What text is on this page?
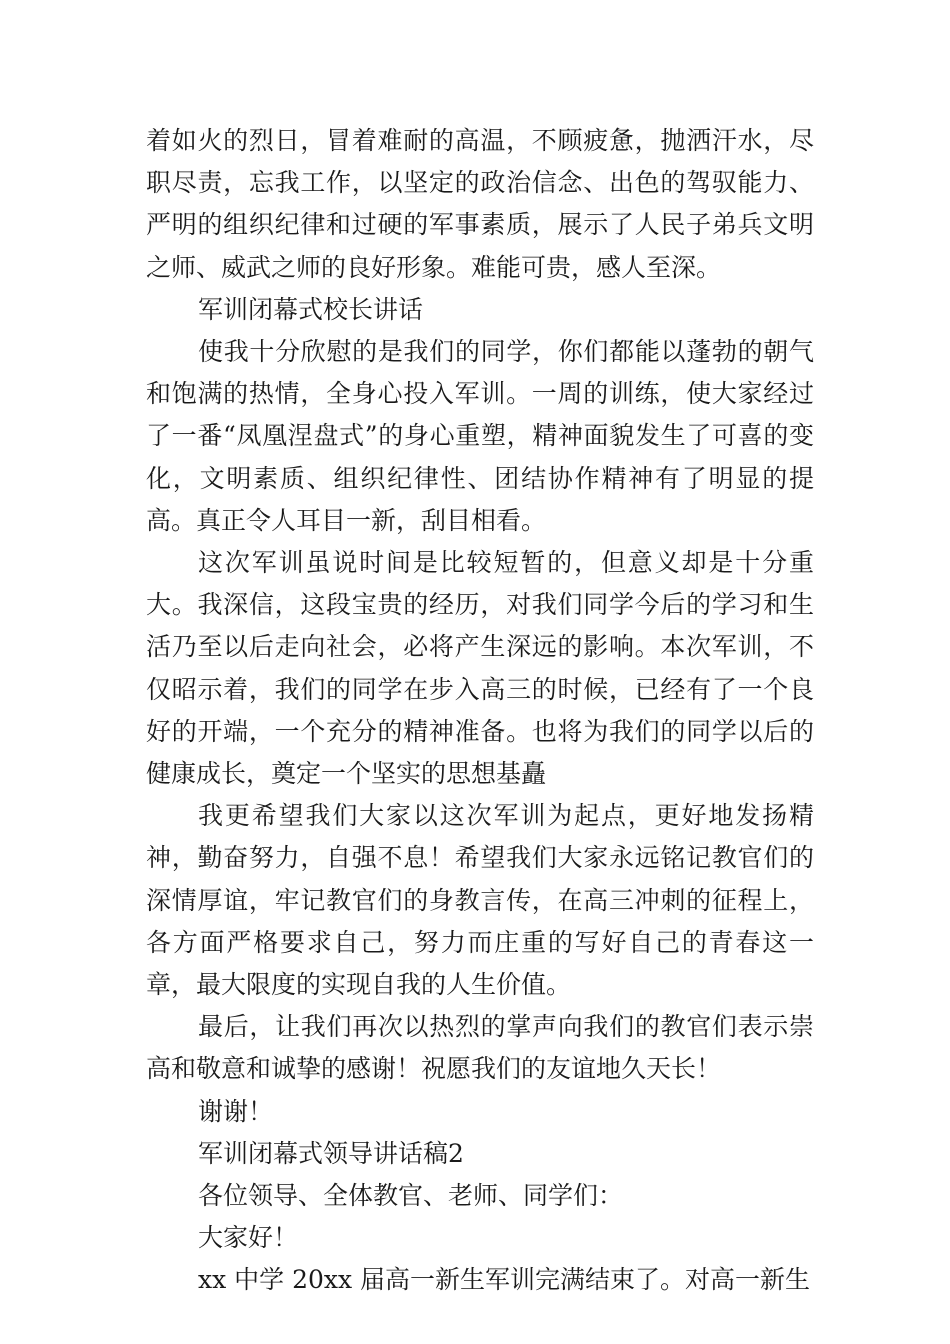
着如火的烈日，冒着难耐的高温，不顾疲惫，抛洒汗水，尽职尽责，忘我工作，以坚定的政治信念、出色的驾驭能力、严明的组织纪律和过硬的军事素质，展示了人民子弟兵文明之师、威武之师的良好形象。难能可贵，感人至深。

军训闭幕式校长讲话

使我十分欣慰的是我们的同学，你们都能以蓬勃的朝气和饱满的热情，全身心投入军训。一周的训练，使大家经过了一番“凤凰涅盘式”的身心重塑，精神面貌发生了可喜的变化，文明素质、组织纪律性、团结协作精神有了明显的提高。真正令人耳目一新，刮目相看。

这次军训虽说时间是比较短暂的，但意义却是十分重大。我深信，这段宝贵的经历，对我们同学今后的学习和生活乃至以后走向社会，必将产生深远的影响。本次军训，不仅昭示着，我们的同学在步入高三的时候，已经有了一个良好的开端，一个充分的精神准备。也将为我们的同学以后的健康成长，奠定一个坚实的思想基矗

我更希望我们大家以这次军训为起点，更好地发扬精神，勤奋努力，自强不息！希望我们大家永远铭记教官们的深情厚谊，牢记教官们的身教言传，在高三冲刺的征程上，各方面严格要求自己，努力而庄重的写好自己的青春这一章，最大限度的实现自我的人生价值。

最后，让我们再次以热烈的掌声向我们的教官们表示崇高和敬意和诚挚的感谢！祝愿我们的友谊地久天长！

谢谢！

军训闭幕式领导讲话稿2

各位领导、全体教官、老师、同学们：

大家好！

xx 中学 20xx 届高一新生军训完满结束了。对高一新生
